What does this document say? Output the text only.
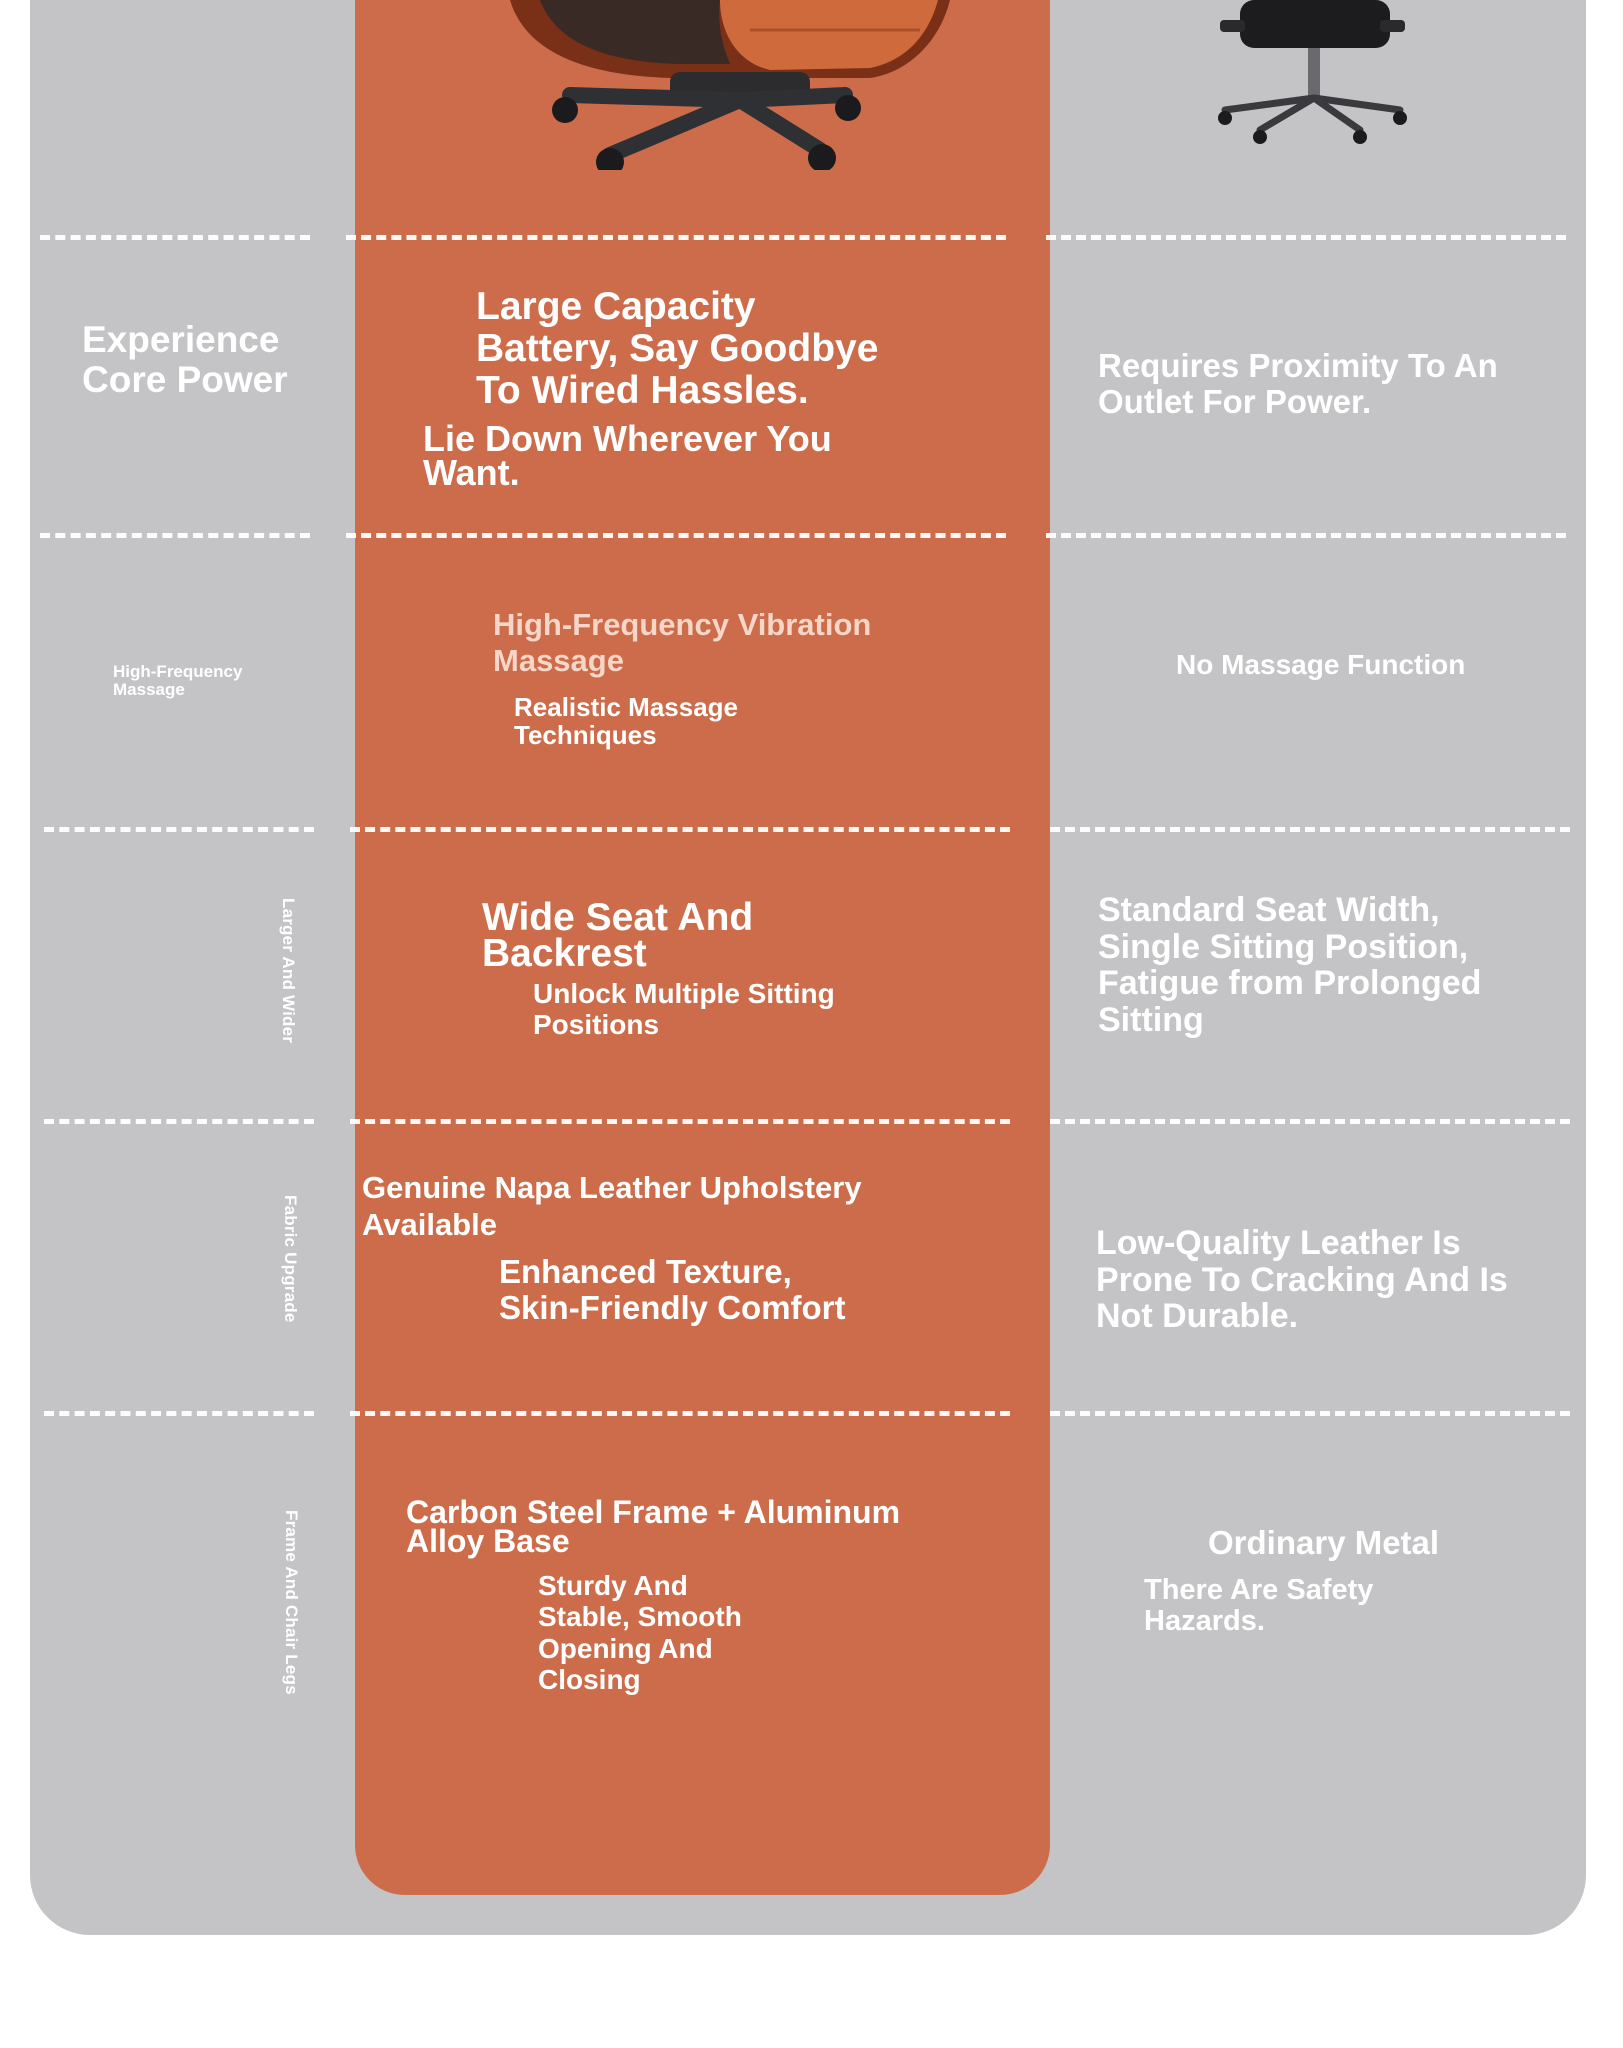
Experience Core Power
Large Capacity Battery, Say Goodbye To Wired Hassles.
Lie Down Wherever You Want.
Requires Proximity To An Outlet For Power.
High-Frequency Massage
High-Frequency Vibration Massage
Realistic Massage Techniques
No Massage Function
Larger And Wider	Wide Seat And Backrest
Unlock Multiple Sitting Positions
Standard Seat Width, Single Sitting Position, Fatigue from Prolonged Sitting
Fabric Upgrade
Genuine Napa Leather Upholstery Available
Enhanced Texture, Skin-Friendly Comfort
Low-Quality Leather Is Prone To Cracking And Is Not Durable.
Frame And Chair Legs	Carbon Steel Frame + Aluminum Alloy Base
Sturdy And Stable, Smooth Opening And Closing
Ordinary Metal
There Are Safety Hazards.
